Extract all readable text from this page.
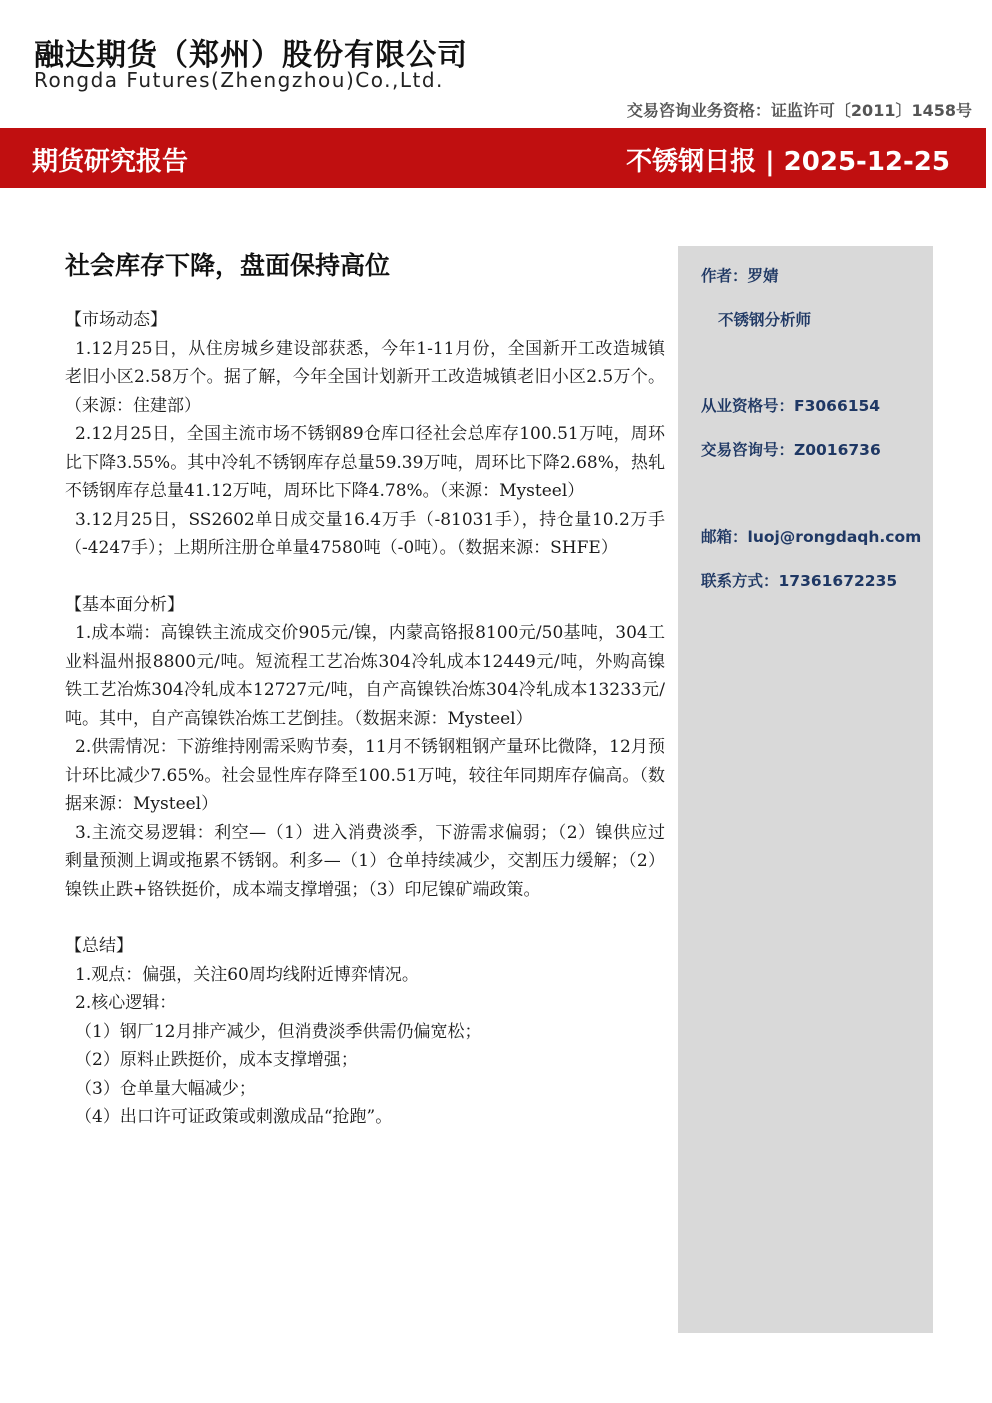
融达期货（郑州）股份有限公司
Rongda Futures(Zhengzhou)Co.,Ltd.
交易咨询业务资格：证监许可〔2011〕1458号
期货研究报告	不锈钢日报 | 2025-12-25
社会库存下降，盘面保持高位
【市场动态】
1.12月25日，从住房城乡建设部获悉，今年1-11月份，全国新开工改造城镇老旧小区2.58万个。据了解，今年全国计划新开工改造城镇老旧小区2.5万个。（来源：住建部）
2.12月25日，全国主流市场不锈钢89仓库口径社会总库存100.51万吨，周环比下降3.55%。其中冷轧不锈钢库存总量59.39万吨，周环比下降2.68%，热轧不锈钢库存总量41.12万吨，周环比下降4.78%。（来源：Mysteel）
3.12月25日，SS2602单日成交量16.4万手（-81031手），持仓量10.2万手（-4247手）；上期所注册仓单量47580吨（-0吨）。（数据来源：SHFE）
【基本面分析】
1.成本端：高镍铁主流成交价905元/镍，内蒙高铬报8100元/50基吨，304工业料温州报8800元/吨。短流程工艺冶炼304冷轧成本12449元/吨，外购高镍铁工艺冶炼304冷轧成本12727元/吨，自产高镍铁冶炼304冷轧成本13233元/吨。其中，自产高镍铁冶炼工艺倒挂。（数据来源：Mysteel）
2.供需情况：下游维持刚需采购节奏，11月不锈钢粗钢产量环比微降，12月预计环比减少7.65%。社会显性库存降至100.51万吨，较往年同期库存偏高。（数据来源：Mysteel）
3.主流交易逻辑：利空—（1）进入消费淡季，下游需求偏弱；（2）镍供应过剩量预测上调或拖累不锈钢。利多—（1）仓单持续减少，交割压力缓解；（2）镍铁止跌+铬铁挺价，成本端支撑增强；（3）印尼镍矿端政策。
【总结】
1.观点：偏强，关注60周均线附近博弈情况。
2.核心逻辑：
（1）钢厂12月排产减少，但消费淡季供需仍偏宽松；
（2）原料止跌挺价，成本支撑增强；
（3）仓单量大幅减少；
（4）出口许可证政策或刺激成品“抢跑”。
作者：罗婧
不锈钢分析师
从业资格号：F3066154
交易咨询号：Z0016736
邮箱：luoj@rongdaqh.com
联系方式：17361672235
